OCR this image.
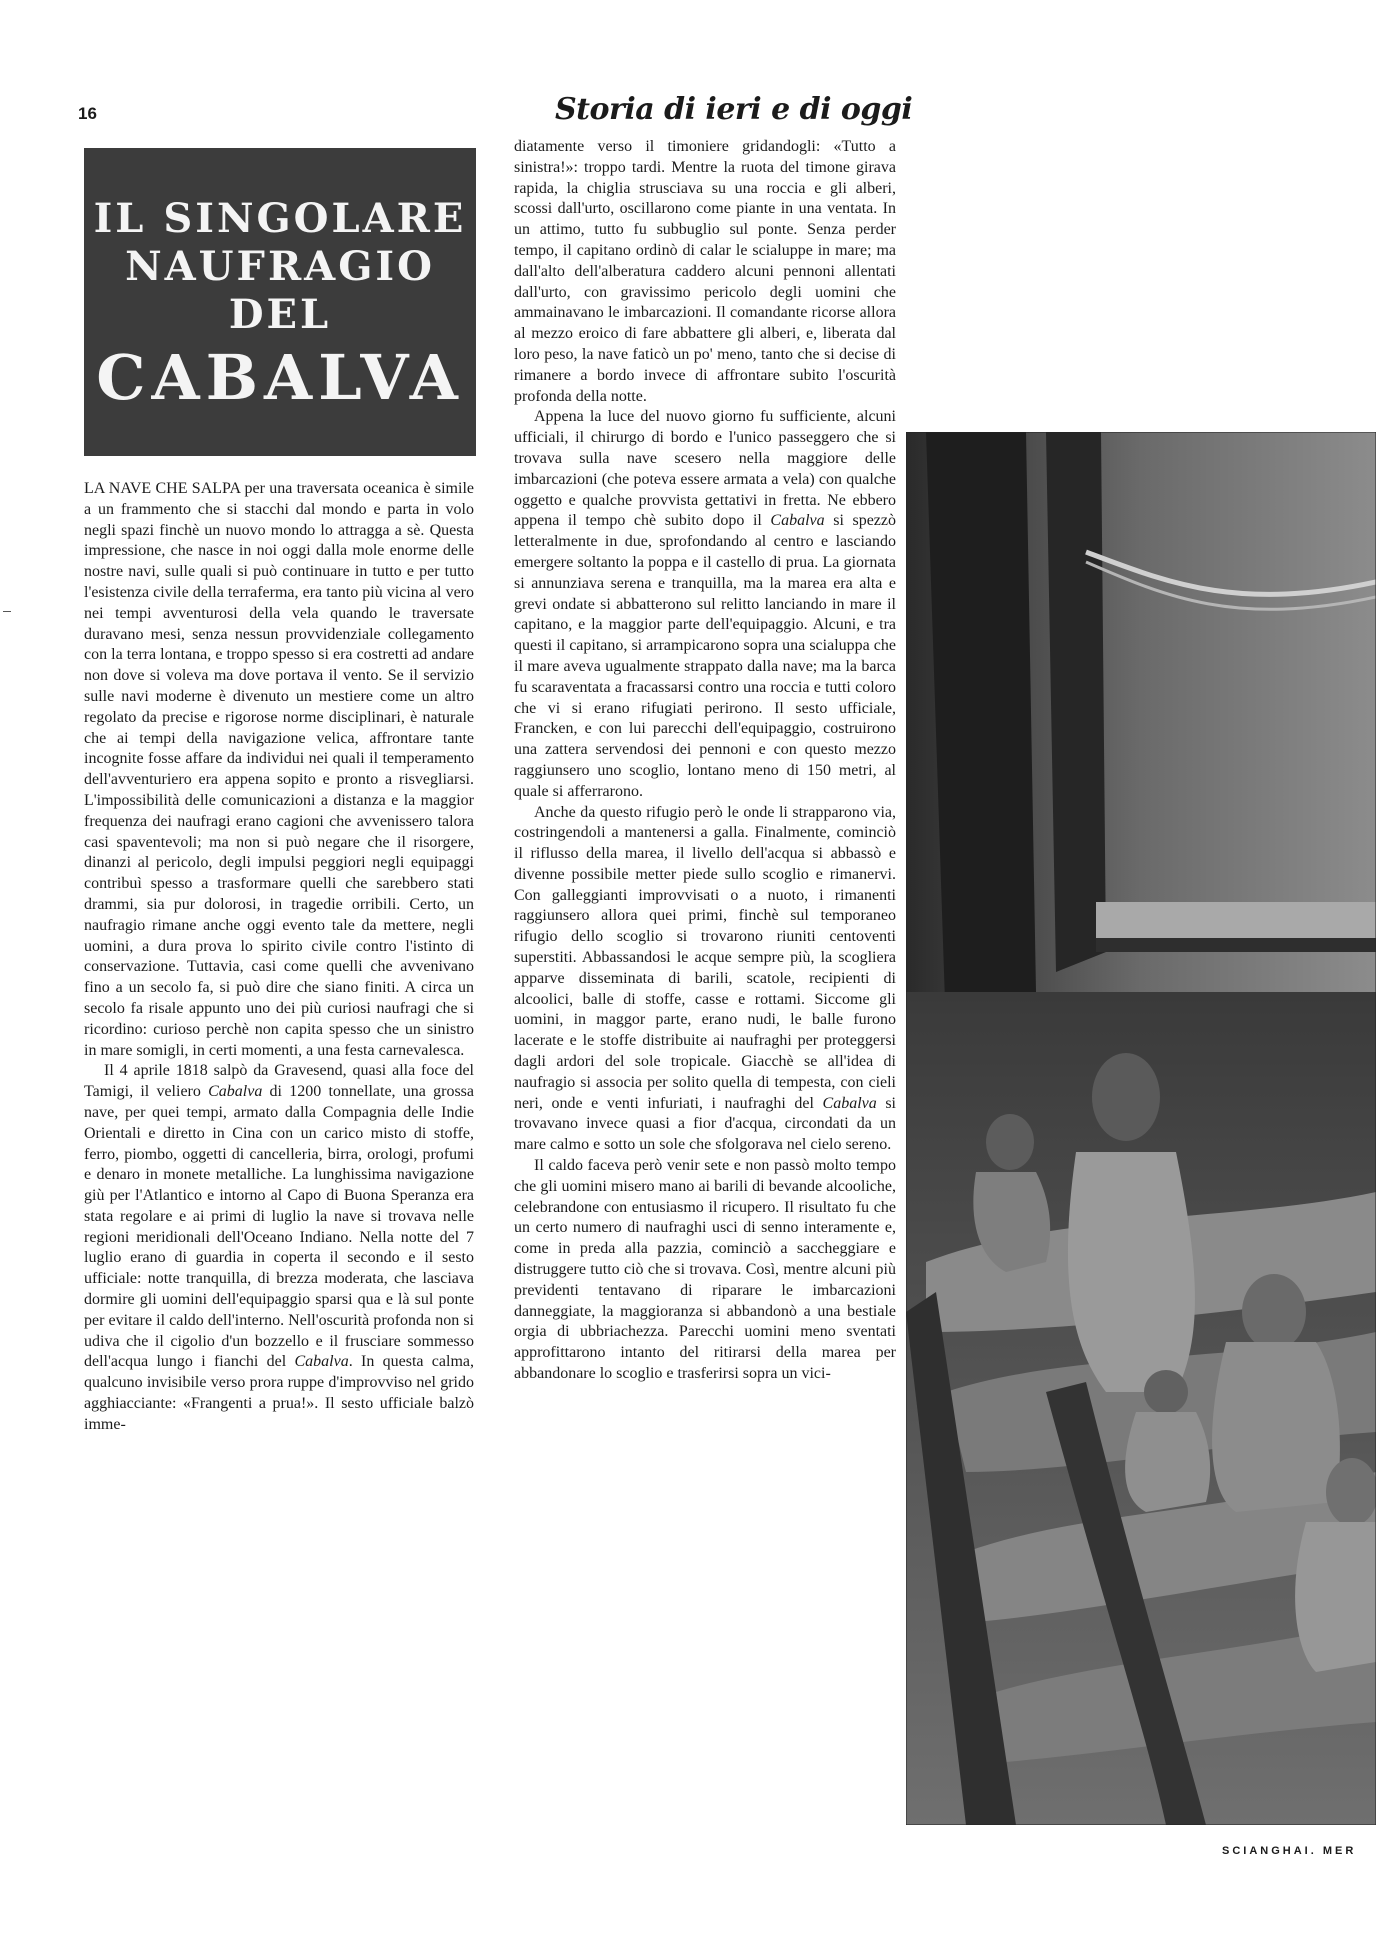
16	Storia di ieri e di oggi
IL SINGOLARE
NAUFRAGIO
DEL
CABALVA

LA NAVE CHE SALPA per una traversata oceanica è simile a un frammento che si stacchi dal mondo e parta in volo negli spazi finchè un nuovo mondo lo attragga a sè. Questa impressione, che nasce in noi oggi dalla mole enorme delle nostre navi, sulle quali si può continuare in tutto e per tutto l'esistenza civile della terraferma, era tanto più vicina al vero nei tempi avventurosi della vela quando le traversate duravano mesi, senza nessun provvidenziale collegamento con la terra lontana, e troppo spesso si era costretti ad andare non dove si voleva ma dove portava il vento. Se il servizio sulle navi moderne è divenuto un mestiere come un altro regolato da precise e rigorose norme disciplinari, è naturale che ai tempi della navigazione velica, affrontare tante incognite fosse affare da individui nei quali il temperamento dell'avventuriero era appena sopito e pronto a risvegliarsi. L'impossibilità delle comunicazioni a distanza e la maggior frequenza dei naufragi erano cagioni che avvenissero talora casi spaventevoli; ma non si può negare che il risorgere, dinanzi al pericolo, degli impulsi peggiori negli equipaggi contribuì spesso a trasformare quelli che sarebbero stati drammi, sia pur dolorosi, in tragedie orribili. Certo, un naufragio rimane anche oggi evento tale da mettere, negli uomini, a dura prova lo spirito civile contro l'istinto di conservazione. Tuttavia, casi come quelli che avvenivano fino a un secolo fa, si può dire che siano finiti. A circa un secolo fa risale appunto uno dei più curiosi naufragi che si ricordino: curioso perchè non capita spesso che un sinistro in mare somigli, in certi momenti, a una festa carnevalesca.

Il 4 aprile 1818 salpò da Gravesend, quasi alla foce del Tamigi, il veliero Cabalva di 1200 tonnellate, una grossa nave, per quei tempi, armato dalla Compagnia delle Indie Orientali e diretto in Cina con un carico misto di stoffe, ferro, piombo, oggetti di cancelleria, birra, orologi, profumi e denaro in monete metalliche. La lunghissima navigazione giù per l'Atlantico e intorno al Capo di Buona Speranza era stata regolare e ai primi di luglio la nave si trovava nelle regioni meridionali dell'Oceano Indiano. Nella notte del 7 luglio erano di guardia in coperta il secondo e il sesto ufficiale: notte tranquilla, di brezza moderata, che lasciava dormire gli uomini dell'equipaggio sparsi qua e là sul ponte per evitare il caldo dell'interno. Nell'oscurità profonda non si udiva che il cigolio d'un bozzello e il frusciare sommesso dell'acqua lungo i fianchi del Cabalva. In questa calma, qualcuno invisibile verso prora ruppe d'improvviso nel grido agghiacciante: «Frangenti a prua!». Il sesto ufficiale balzò imme-

diatamente verso il timoniere gridandogli: «Tutto a sinistra!»: troppo tardi. Mentre la ruota del timone girava rapida, la chiglia strusciava su una roccia e gli alberi, scossi dall'urto, oscillarono come piante in una ventata. In un attimo, tutto fu subbuglio sul ponte. Senza perder tempo, il capitano ordinò di calar le scialuppe in mare; ma dall'alto dell'alberatura caddero alcuni pennoni allentati dall'urto, con gravissimo pericolo degli uomini che ammainavano le imbarcazioni. Il comandante ricorse allora al mezzo eroico di fare abbattere gli alberi, e, liberata dal loro peso, la nave faticò un po' meno, tanto che si decise di rimanere a bordo invece di affrontare subito l'oscurità profonda della notte.

Appena la luce del nuovo giorno fu sufficiente, alcuni ufficiali, il chirurgo di bordo e l'unico passeggero che si trovava sulla nave scesero nella maggiore delle imbarcazioni (che poteva essere armata a vela) con qualche oggetto e qualche provvista gettativi in fretta. Ne ebbero appena il tempo chè subito dopo il Cabalva si spezzò letteralmente in due, sprofondando al centro e lasciando emergere soltanto la poppa e il castello di prua. La giornata si annunziava serena e tranquilla, ma la marea era alta e grevi ondate si abbatterono sul relitto lanciando in mare il capitano, e la maggior parte dell'equipaggio. Alcuni, e tra questi il capitano, si arrampicarono sopra una scialuppa che il mare aveva ugualmente strappato dalla nave; ma la barca fu scaraventata a fracassarsi contro una roccia e tutti coloro che vi si erano rifugiati perirono. Il sesto ufficiale, Francken, e con lui parecchi dell'equipaggio, costruirono una zattera servendosi dei pennoni e con questo mezzo raggiunsero uno scoglio, lontano meno di 150 metri, al quale si afferrarono.

Anche da questo rifugio però le onde li strapparono via, costringendoli a mantenersi a galla. Finalmente, cominciò il riflusso della marea, il livello dell'acqua si abbassò e divenne possibile metter piede sullo scoglio e rimanervi. Con galleggianti improvvisati o a nuoto, i rimanenti raggiunsero allora quei primi, finchè sul temporaneo rifugio dello scoglio si trovarono riuniti centoventi superstiti. Abbassandosi le acque sempre più, la scogliera apparve disseminata di barili, scatole, recipienti di alcoolici, balle di stoffe, casse e rottami. Siccome gli uomini, in maggor parte, erano nudi, le balle furono lacerate e le stoffe distribuite ai naufraghi per proteggersi dagli ardori del sole tropicale. Giacchè se all'idea di naufragio si associa per solito quella di tempesta, con cieli neri, onde e venti infuriati, i naufraghi del Cabalva si trovavano invece quasi a fior d'acqua, circondati da un mare calmo e sotto un sole che sfolgorava nel cielo sereno.

Il caldo faceva però venir sete e non passò molto tempo che gli uomini misero mano ai barili di bevande alcooliche, celebrandone con entusiasmo il ricupero. Il risultato fu che un certo numero di naufraghi usci di senno interamente e, come in preda alla pazzia, cominciò a saccheggiare e distruggere tutto ciò che si trovava. Così, mentre alcuni più previdenti tentavano di riparare le imbarcazioni danneggiate, la maggioranza si abbandonò a una bestiale orgia di ubbriachezza. Parecchi uomini meno sventati approfittarono intanto del ritirarsi della marea per abbandonare lo scoglio e trasferirsi sopra un vici-

SCIANGHAI. MER
